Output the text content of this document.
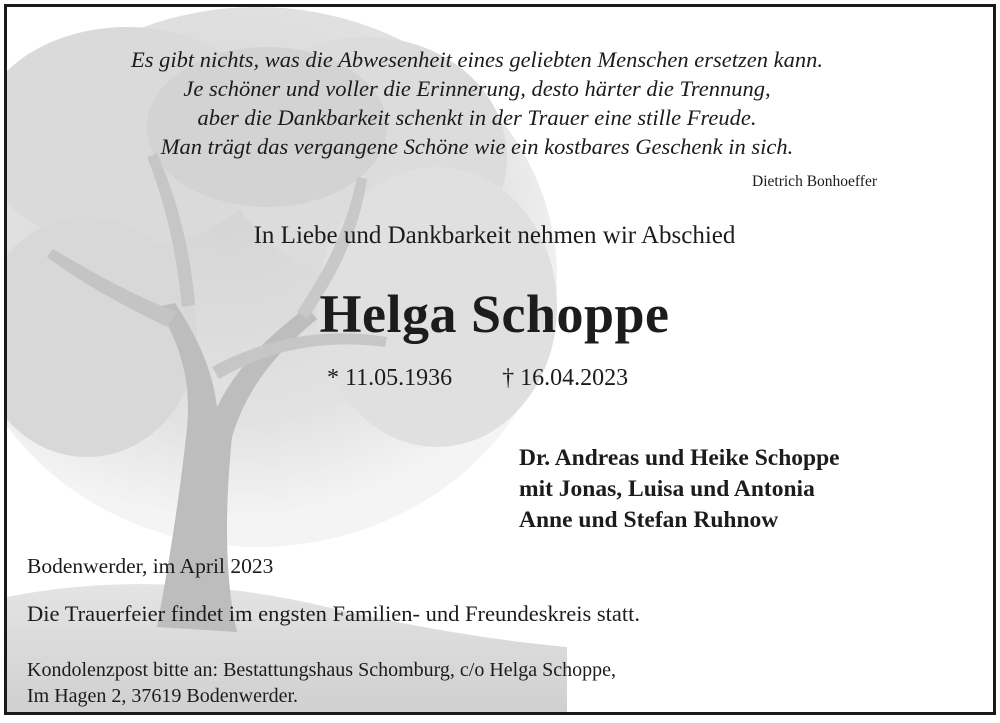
Es gibt nichts, was die Abwesenheit eines geliebten Menschen ersetzen kann.
Je schöner und voller die Erinnerung, desto härter die Trennung,
aber die Dankbarkeit schenkt in der Trauer eine stille Freude.
Man trägt das vergangene Schöne wie ein kostbares Geschenk in sich.
Dietrich Bonhoeffer
In Liebe und Dankbarkeit nehmen wir Abschied
Helga Schoppe
* 11.05.1936 † 16.04.2023
Dr. Andreas und Heike Schoppe
mit Jonas, Luisa und Antonia
Anne und Stefan Ruhnow
Bodenwerder, im April 2023
Die Trauerfeier findet im engsten Familien- und Freundeskreis statt.
Kondolenzpost bitte an: Bestattungshaus Schomburg, c/o Helga Schoppe,
Im Hagen 2, 37619 Bodenwerder.
